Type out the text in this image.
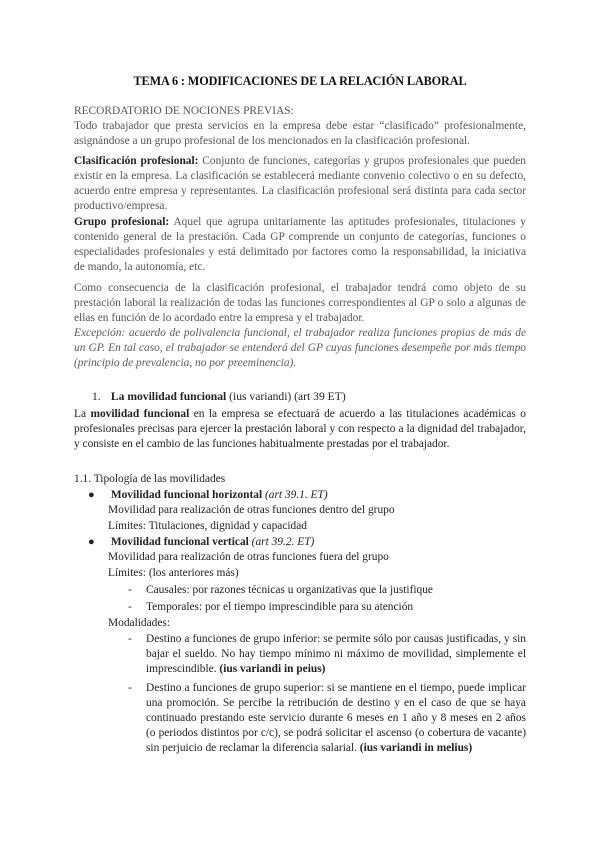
TEMA 6 : MODIFICACIONES DE LA RELACIÓN LABORAL
RECORDATORIO DE NOCIONES PREVIAS:
Todo trabajador que presta servicios en la empresa debe estar “clasificado” profesionalmente, asignándose a un grupo profesional de los mencionados en la clasificación profesional.
Clasificación profesional: Conjunto de funciones, categorías y grupos profesionales que pueden existir en la empresa. La clasificación se establecerá mediante convenio colectivo o en su defecto, acuerdo entre empresa y representantes. La clasificación profesional será distinta para cada sector productivo/empresa.
Grupo profesional: Aquel que agrupa unitariamente las aptitudes profesionales, titulaciones y contenido general de la prestación. Cada GP comprende un conjunto de categorías, funciones o especialidades profesionales y está delimitado por factores como la responsabilidad, la iniciativa de mando, la autonomía, etc.
Como consecuencia de la clasificación profesional, el trabajador tendrá como objeto de su prestación laboral la realización de todas las funciones correspondientes al GP o solo a algunas de ellas en función de lo acordado entre la empresa y el trabajador.
Excepción: acuerdo de polivalencia funcional, el trabajador realiza funciones propias de más de un GP. En tal caso, el trabajador se entenderá del GP cuyas funciones desempeñe por más tiempo (principio de prevalencia, no por preeminencia).
1. La movilidad funcional (ius variandi) (art 39 ET)
La movilidad funcional en la empresa se efectuará de acuerdo a las titulaciones académicas o profesionales precisas para ejercer la prestación laboral y con respecto a la dignidad del trabajador, y consiste en el cambio de las funciones habitualmente prestadas por el trabajador.
1.1. Tipología de las movilidades
● Movilidad funcional horizontal (art 39.1. ET)
Movilidad para realización de otras funciones dentro del grupo
Límites: Titulaciones, dignidad y capacidad
● Movilidad funcional vertical (art 39.2. ET)
Movilidad para realización de otras funciones fuera del grupo
Límites: (los anteriores más)
- Causales: por razones técnicas u organizativas que la justifique
- Temporales: por el tiempo imprescindible para su atención
Modalidades:
- Destino a funciones de grupo inferior: se permite sólo por causas justificadas, y sin bajar el sueldo. No hay tiempo mínimo ni máximo de movilidad, simplemente el imprescindible. (ius variandi in peius)
- Destino a funciones de grupo superior: si se mantiene en el tiempo, puede implicar una promoción. Se percibe la retribución de destino y en el caso de que se haya continuado prestando este servicio durante 6 meses en 1 año y 8 meses en 2 años (o periodos distintos por c/c), se podrá solicitar el ascenso (o cobertura de vacante) sin perjuicio de reclamar la diferencia salarial. (ius variandi in melius)
